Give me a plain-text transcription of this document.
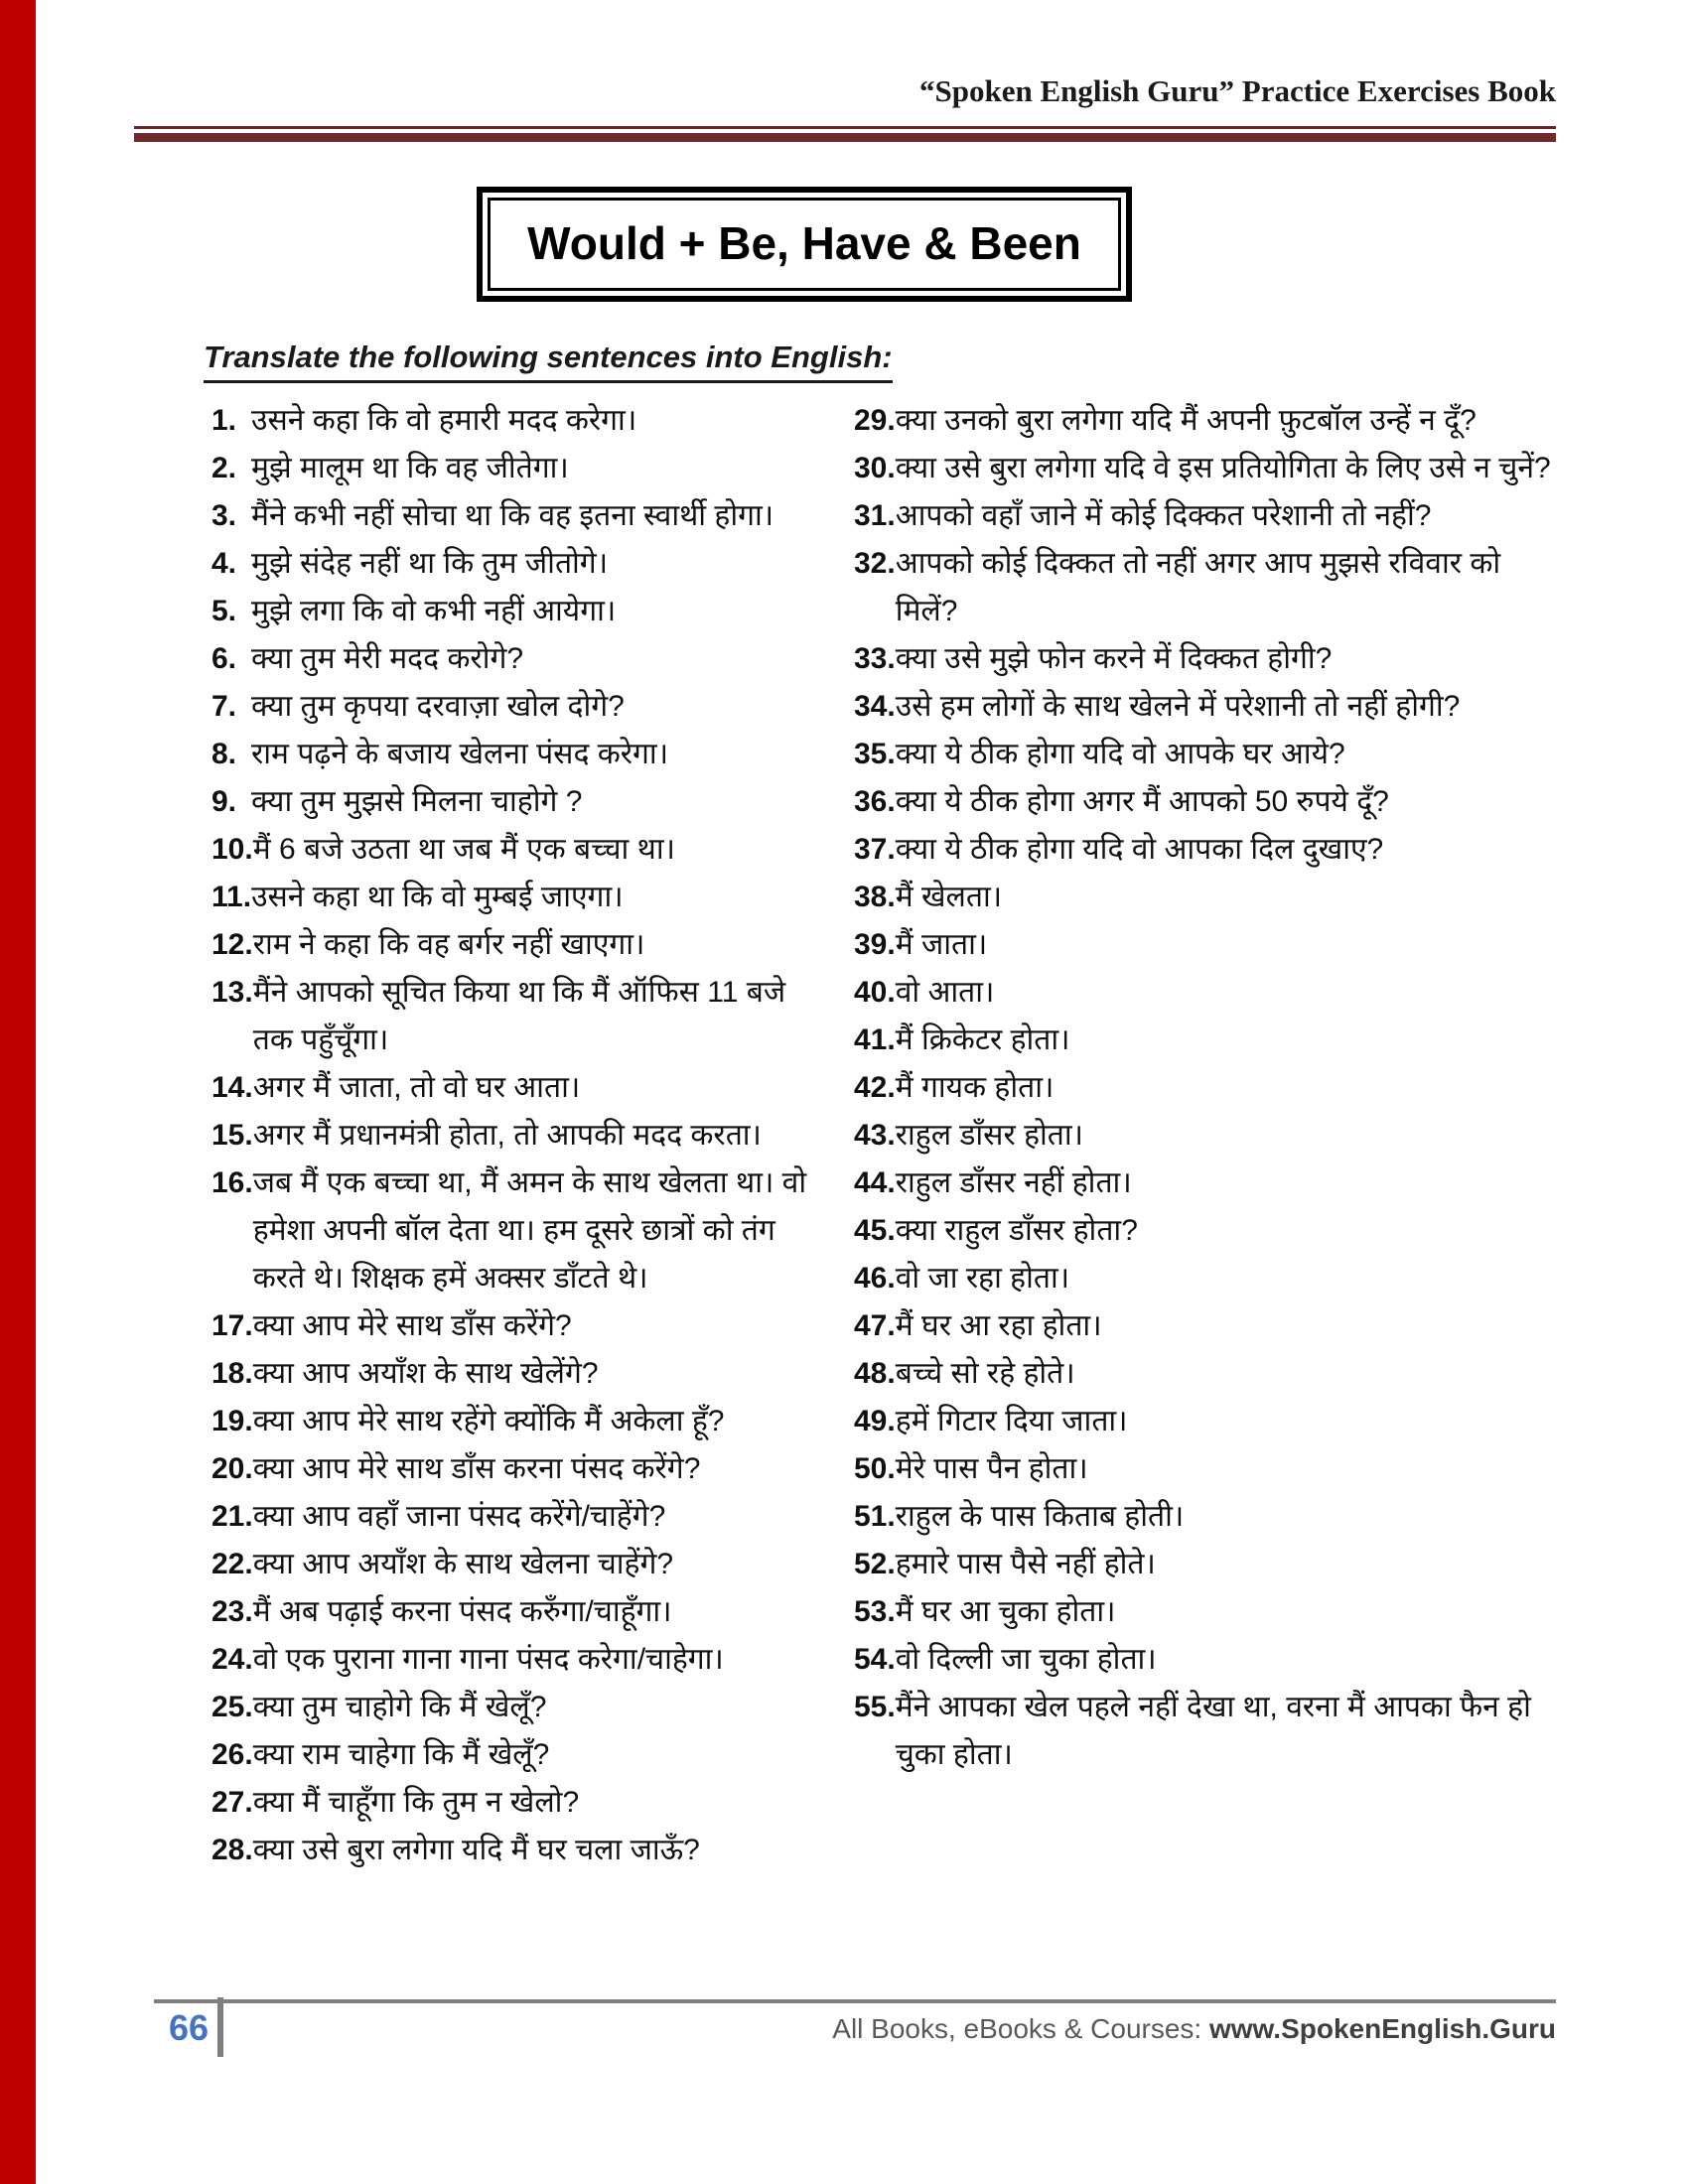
“Spoken English Guru” Practice Exercises Book
Would + Be, Have & Been
Translate the following sentences into English:
1. उसने कहा कि वो हमारी मदद करेगा।
2. मुझे मालूम था कि वह जीतेगा।
3. मैंने कभी नहीं सोचा था कि वह इतना स्वार्थी होगा।
4. मुझे संदेह नहीं था कि तुम जीतोगे।
5. मुझे लगा कि वो कभी नहीं आयेगा।
6. क्या तुम मेरी मदद करोगे?
7. क्या तुम कृपया दरवाज़ा खोल दोगे?
8. राम पढ़ने के बजाय खेलना पंसद करेगा।
9. क्या तुम मुझसे मिलना चाहोगे ?
10. मैं 6 बजे उठता था जब मैं एक बच्चा था।
11. उसने कहा था कि वो मुम्बई जाएगा।
12. राम ने कहा कि वह बर्गर नहीं खाएगा।
13. मैंने आपको सूचित किया था कि मैं ऑफिस 11 बजे तक पहुँचूँगा।
14. अगर मैं जाता, तो वो घर आता।
15. अगर मैं प्रधानमंत्री होता, तो आपकी मदद करता।
16. जब मैं एक बच्चा था, मैं अमन के साथ खेलता था। वो हमेशा अपनी बॉल देता था। हम दूसरे छात्रों को तंग करते थे। शिक्षक हमें अक्सर डाँटते थे।
17. क्या आप मेरे साथ डाँस करेंगे?
18. क्या आप अयाँश के साथ खेलेंगे?
19. क्या आप मेरे साथ रहेंगे क्योंकि मैं अकेला हूँ?
20. क्या आप मेरे साथ डाँस करना पंसद करेंगे?
21. क्या आप वहाँ जाना पंसद करेंगे/चाहेंगे?
22. क्या आप अयाँश के साथ खेलना चाहेंगे?
23. मैं अब पढ़ाई करना पंसद करुँगा/चाहूँगा।
24. वो एक पुराना गाना गाना पंसद करेगा/चाहेगा।
25. क्या तुम चाहोगे कि मैं खेलूँ?
26. क्या राम चाहेगा कि मैं खेलूँ?
27. क्या मैं चाहूँगा कि तुम न खेलो?
28. क्या उसे बुरा लगेगा यदि मैं घर चला जाऊँ?
29. क्या उनको बुरा लगेगा यदि मैं अपनी फ़ुटबॉल उन्हें न दूँ?
30. क्या उसे बुरा लगेगा यदि वे इस प्रतियोगिता के लिए उसे न चुनें?
31. आपको वहाँ जाने में कोई दिक्कत परेशानी तो नहीं?
32. आपको कोई दिक्कत तो नहीं अगर आप मुझसे रविवार को मिलें?
33. क्या उसे मुझे फोन करने में दिक्कत होगी?
34. उसे हम लोगों के साथ खेलने में परेशानी तो नहीं होगी?
35. क्या ये ठीक होगा यदि वो आपके घर आये?
36. क्या ये ठीक होगा अगर मैं आपको 50 रुपये दूँ?
37. क्या ये ठीक होगा यदि वो आपका दिल दुखाए?
38. मैं खेलता।
39. मैं जाता।
40. वो आता।
41. मैं क्रिकेटर होता।
42. मैं गायक होता।
43. राहुल डाँसर होता।
44. राहुल डाँसर नहीं होता।
45. क्या राहुल डाँसर होता?
46. वो जा रहा होता।
47. मैं घर आ रहा होता।
48. बच्चे सो रहे होते।
49. हमें गिटार दिया जाता।
50. मेरे पास पैन होता।
51. राहुल के पास किताब होती।
52. हमारे पास पैसे नहीं होते।
53. मैं घर आ चुका होता।
54. वो दिल्ली जा चुका होता।
55. मैंने आपका खेल पहले नहीं देखा था, वरना मैं आपका फैन हो चुका होता।
66	All Books, eBooks & Courses: www.SpokenEnglish.Guru
